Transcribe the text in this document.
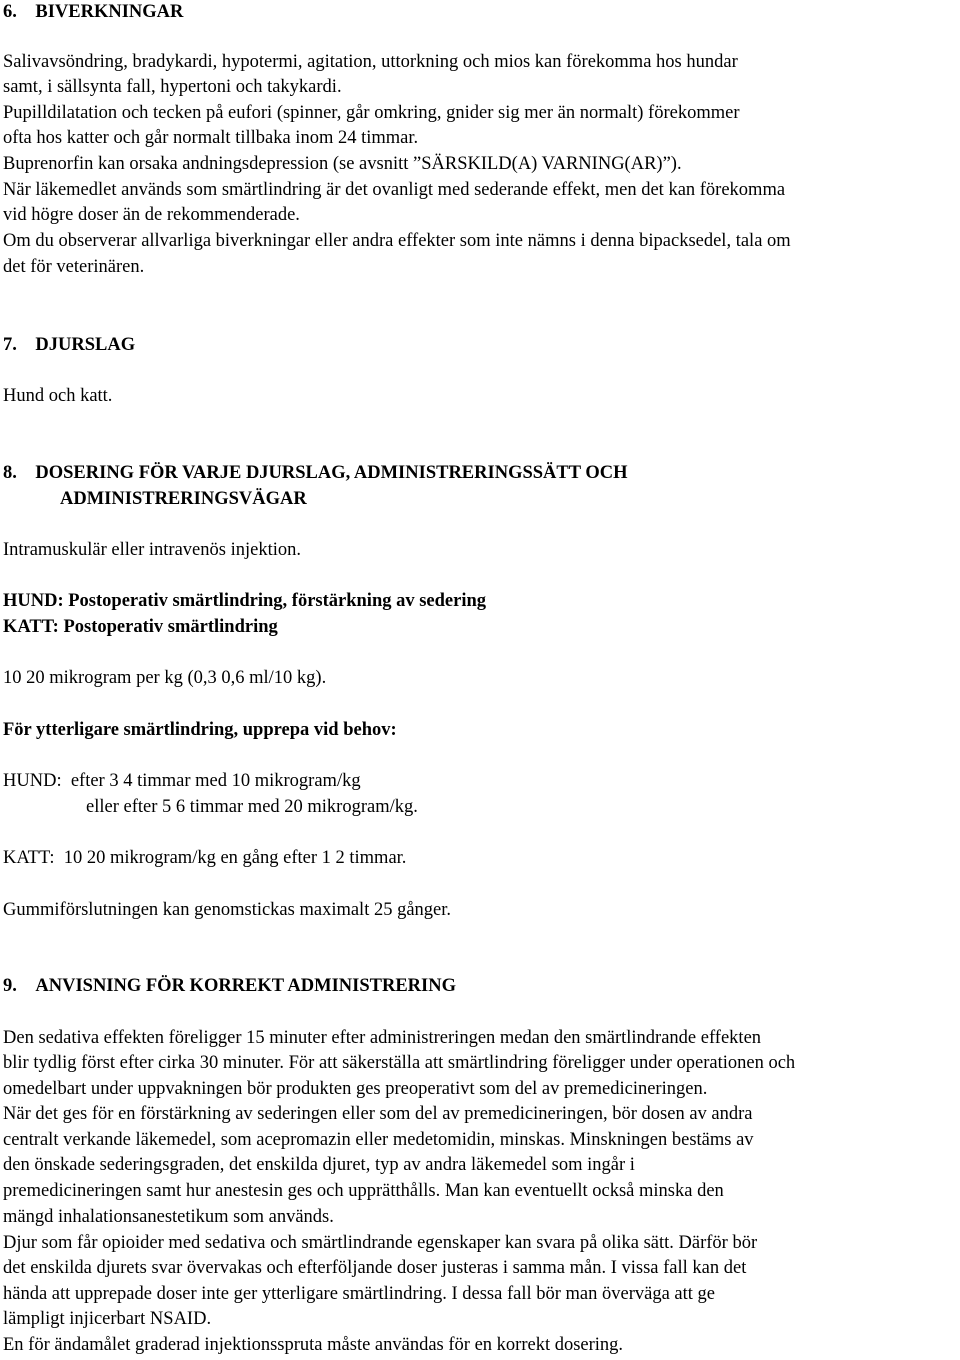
6.    BIVERKNINGAR
Salivavsöndring, bradykardi, hypotermi, agitation, uttorkning och mios kan förekomma hos hundar
samt, i sällsynta fall, hypertoni och takykardi.
Pupilldilatation och tecken på eufori (spinner, går omkring, gnider sig mer än normalt) förekommer
ofta hos katter och går normalt tillbaka inom 24 timmar.
Buprenorfin kan orsaka andningsdepression (se avsnitt ”SÄRSKILD(A) VARNING(AR)”).
När läkemedlet används som smärtlindring är det ovanligt med sederande effekt, men det kan förekomma
vid högre doser än de rekommenderade.
Om du observerar allvarliga biverkningar eller andra effekter som inte nämns i denna bipacksedel, tala om
det för veterinären.
7.    DJURSLAG
Hund och katt.
8.    DOSERING FÖR VARJE DJURSLAG, ADMINISTRERINGSSÄTT OCH
ADMINISTRERINGSVÄGAR
Intramuskulär eller intravenös injektion.
HUND: Postoperativ smärtlindring, förstärkning av sedering
KATT: Postoperativ smärtlindring
10 20 mikrogram per kg (0,3 0,6 ml/10 kg).
För ytterligare smärtlindring, upprepa vid behov:
HUND:  efter 3 4 timmar med 10 mikrogram/kg
eller efter 5 6 timmar med 20 mikrogram/kg.
KATT:  10 20 mikrogram/kg en gång efter 1 2 timmar.
Gummiförslutningen kan genomstickas maximalt 25 gånger.
9.    ANVISNING FÖR KORREKT ADMINISTRERING
Den sedativa effekten föreligger 15 minuter efter administreringen medan den smärtlindrande effekten
blir tydlig först efter cirka 30 minuter. För att säkerställa att smärtlindring föreligger under operationen och
omedelbart under uppvakningen bör produkten ges preoperativt som del av premedicineringen.
När det ges för en förstärkning av sederingen eller som del av premedicineringen, bör dosen av andra
centralt verkande läkemedel, som acepromazin eller medetomidin, minskas. Minskningen bestäms av
den önskade sederingsgraden, det enskilda djuret, typ av andra läkemedel som ingår i
premedicineringen samt hur anestesin ges och upprätthålls. Man kan eventuellt också minska den
mängd inhalationsanestetikum som används.
Djur som får opioider med sedativa och smärtlindrande egenskaper kan svara på olika sätt. Därför bör
det enskilda djurets svar övervakas och efterföljande doser justeras i samma mån. I vissa fall kan det
hända att upprepade doser inte ger ytterligare smärtlindring. I dessa fall bör man överväga att ge
lämpligt injicerbart NSAID.
En för ändamålet graderad injektionsspruta måste användas för en korrekt dosering.
